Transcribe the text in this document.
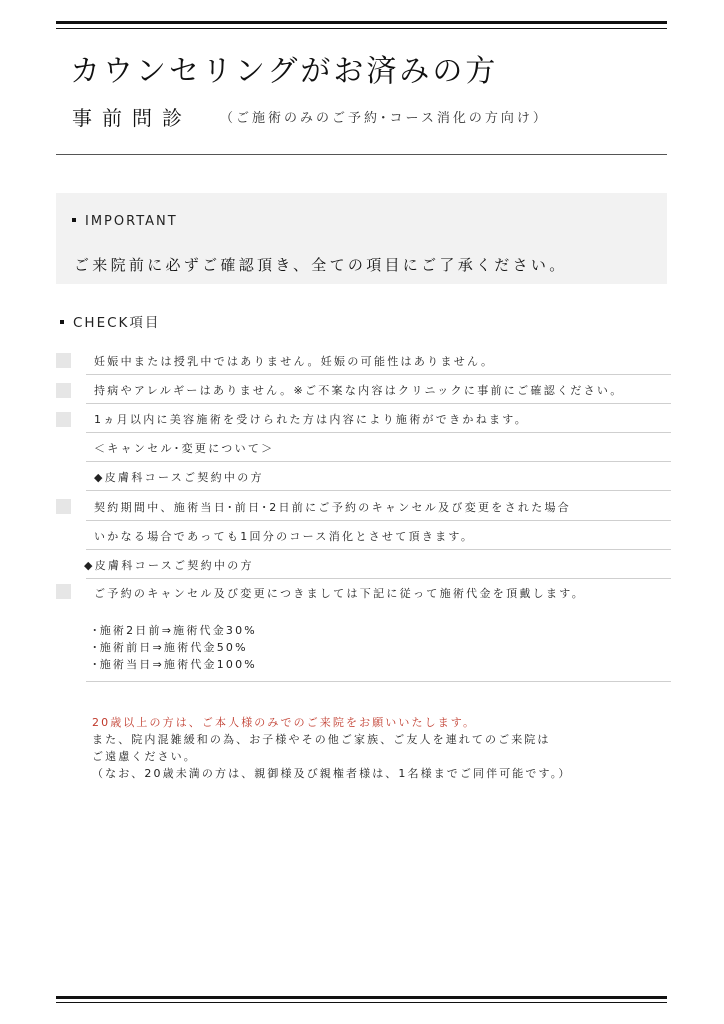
カウンセリングがお済みの方
事前問診 （ご施術のみのご予約･コース消化の方向け）
IMPORTANT
ご来院前に必ずご確認頂き、全ての項目にご了承ください。
CHECK項目
妊娠中または授乳中ではありません。妊娠の可能性はありません。
持病やアレルギーはありません。※ご不案な内容はクリニックに事前にご確認ください。
1ヵ月以内に美容施術を受けられた方は内容により施術ができかねます。
＜キャンセル･変更について＞
◆皮膚科コースご契約中の方
契約期間中、施術当日･前日･2日前にご予約のキャンセル及び変更をされた場合
いかなる場合であっても1回分のコース消化とさせて頂きます。
◆皮膚科コースご契約中の方
ご予約のキャンセル及び変更につきましては下記に従って施術代金を頂戴します。
･施術2日前⇒施術代金30%
･施術前日⇒施術代金50%
･施術当日⇒施術代金100%
20歳以上の方は、ご本人様のみでのご来院をお願いいたします。
また、院内混雑緩和の為、お子様やその他ご家族、ご友人を連れてのご来院は
ご遠慮ください。
（なお、20歳未満の方は、親御様及び親権者様は、1名様までご同伴可能です。）
